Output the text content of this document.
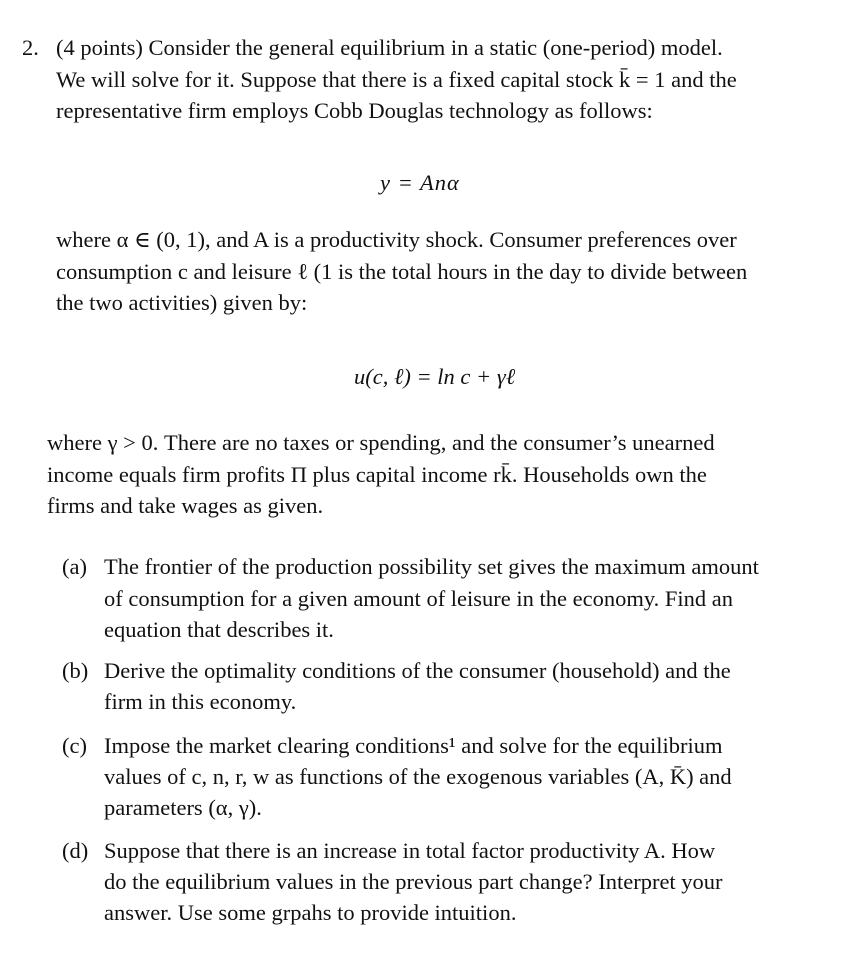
2. (4 points) Consider the general equilibrium in a static (one-period) model.
We will solve for it. Suppose that there is a fixed capital stock k̄ = 1 and the
representative firm employs Cobb Douglas technology as follows:
y = Anα
where α ∈ (0, 1), and A is a productivity shock. Consumer preferences over
consumption c and leisure ℓ (1 is the total hours in the day to divide between
the two activities) given by:
u(c, ℓ) = ln c + γℓ
where γ > 0. There are no taxes or spending, and the consumer’s unearned
income equals firm profits Π plus capital income rk̄. Households own the
firms and take wages as given.
(a) The frontier of the production possibility set gives the maximum amount
of consumption for a given amount of leisure in the economy. Find an
equation that describes it.
(b) Derive the optimality conditions of the consumer (household) and the
firm in this economy.
(c) Impose the market clearing conditions¹ and solve for the equilibrium
values of c, n, r, w as functions of the exogenous variables (A, K̄) and
parameters (α, γ).
(d) Suppose that there is an increase in total factor productivity A. How
do the equilibrium values in the previous part change? Interpret your
answer. Use some grpahs to provide intuition.
